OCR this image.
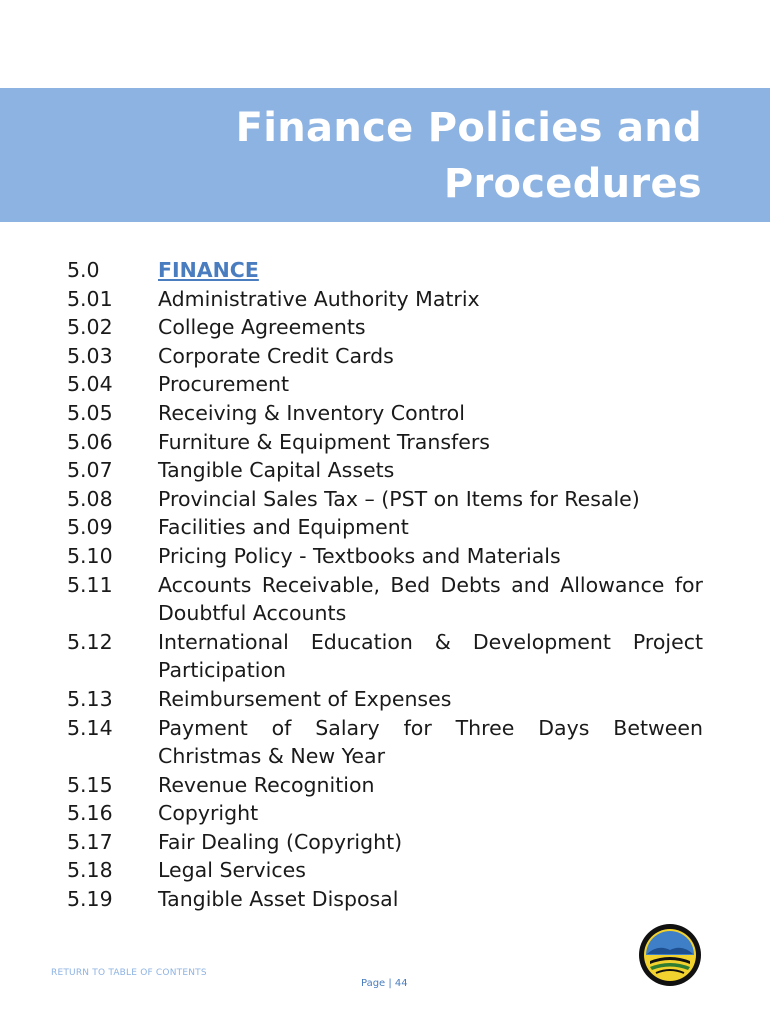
Finance Policies and
Procedures
5.0	FINANCE
5.01	Administrative Authority Matrix
5.02	College Agreements
5.03	Corporate Credit Cards
5.04	Procurement
5.05	Receiving & Inventory Control
5.06	Furniture & Equipment Transfers
5.07	Tangible Capital Assets
5.08	Provincial Sales Tax – (PST on Items for Resale)
5.09	Facilities and Equipment
5.10	Pricing Policy - Textbooks and Materials
5.11	Accounts Receivable, Bed Debts and Allowance for Doubtful Accounts
5.12	International Education & Development Project Participation
5.13	Reimbursement of Expenses
5.14	Payment of Salary for Three Days Between Christmas & New Year
5.15	Revenue Recognition
5.16	Copyright
5.17	Fair Dealing (Copyright)
5.18	Legal Services
5.19	Tangible Asset Disposal
RETURN TO TABLE OF CONTENTS
Page | 44
